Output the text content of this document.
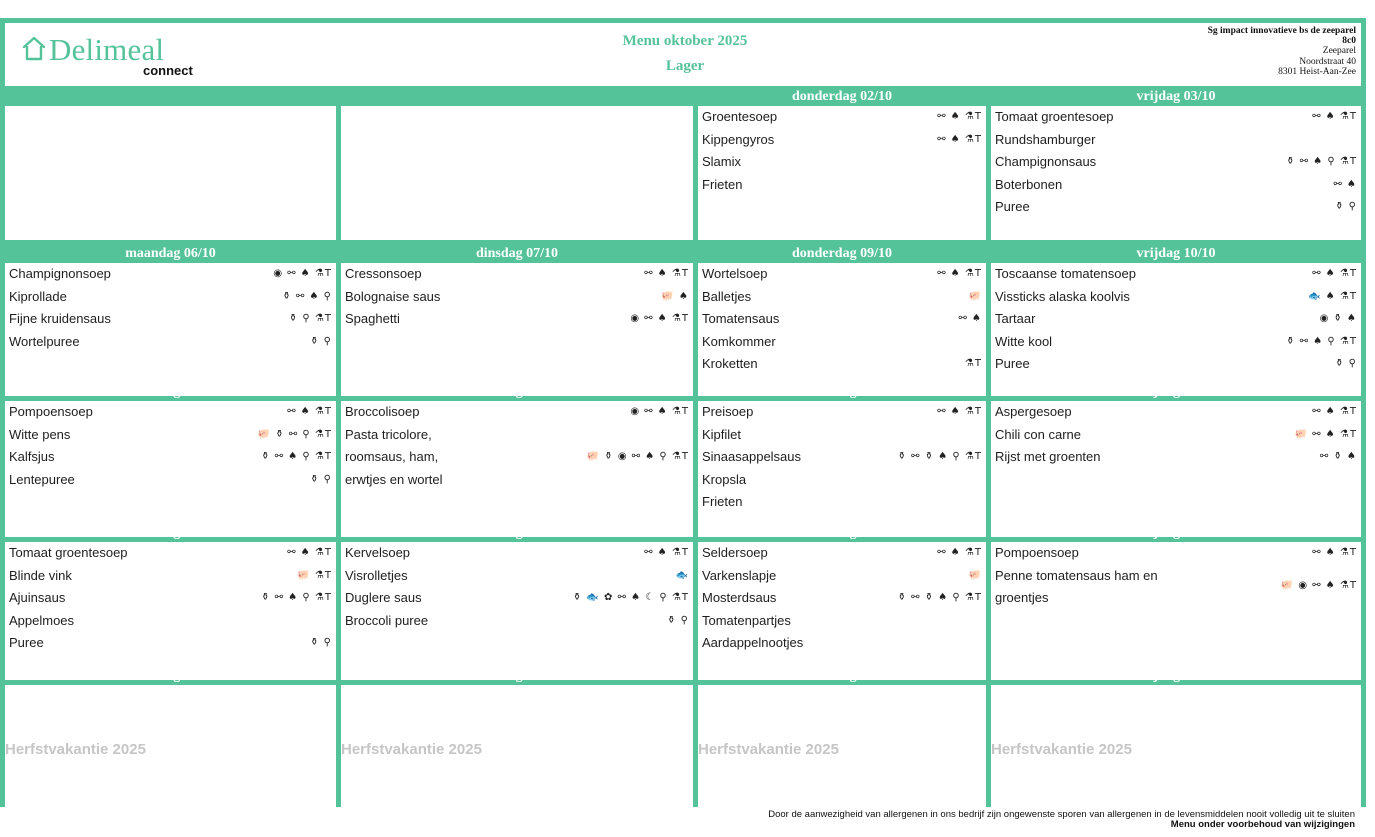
Delimeal
connect
Menu oktober 2025
Lager
Sg impact innovatieve bs de zeeparel
8c0
Zeeparel
Noordstraat 40
8301 Heist-Aan-Zee
donderdag 02/10
Groentesoep	⚯ ♠ ⚗T
Kippengyros	⚯ ♠ ⚗T
Slamix
Frieten
vrijdag 03/10
Tomaat groentesoep	⚯ ♠ ⚗T
Rundshamburger
Champignonsaus	⚱ ⚯ ♠ ⚲ ⚗T
Boterbonen	⚯ ♠
Puree	⚱ ⚲
maandag 06/10
Champignonsoep	◉ ⚯ ♠ ⚗T
Kiprollade	⚱ ⚯ ♠ ⚲
Fijne kruidensaus	⚱ ⚲ ⚗T
Wortelpuree	⚱ ⚲
dinsdag 07/10
Cressonsoep	⚯ ♠ ⚗T
Bolognaise saus	🐖 ♠
Spaghetti	◉ ⚯ ♠ ⚗T
donderdag 09/10
Wortelsoep	⚯ ♠ ⚗T
Balletjes	🐖
Tomatensaus	⚯ ♠
Komkommer
Kroketten	⚗T
vrijdag 10/10
Toscaanse tomatensoep	⚯ ♠ ⚗T
Vissticks alaska koolvis	🐟 ♠ ⚗T
Tartaar	◉ ⚱ ♠
Witte kool	⚱ ⚯ ♠ ⚲ ⚗T
Puree	⚱ ⚲
maandag 13/10
Pompoensoep	⚯ ♠ ⚗T
Witte pens	🐖 ⚱ ⚯ ⚲ ⚗T
Kalfsjus	⚱ ⚯ ♠ ⚲ ⚗T
Lentepuree	⚱ ⚲
dinsdag 14/10
Broccolisoep	◉ ⚯ ♠ ⚗T
Pasta tricolore,
roomsaus, ham,	🐖 ⚱ ◉ ⚯ ♠ ⚲ ⚗T
erwtjes en wortel
donderdag 16/10
Preisoep	⚯ ♠ ⚗T
Kipfilet
Sinaasappelsaus	⚱ ⚯ ⚱ ♠ ⚲ ⚗T
Kropsla
Frieten
vrijdag 17/10
Aspergesoep	⚯ ♠ ⚗T
Chili con carne	🐖 ⚯ ♠ ⚗T
Rijst met groenten	⚯ ⚱ ♠
maandag 20/10
Tomaat groentesoep	⚯ ♠ ⚗T
Blinde vink	🐖 ⚗T
Ajuinsaus	⚱ ⚯ ♠ ⚲ ⚗T
Appelmoes
Puree	⚱ ⚲
dinsdag 21/10
Kervelsoep	⚯ ♠ ⚗T
Visrolletjes	🐟
Duglere saus	⚱ 🐟 ✿ ⚯ ♠ ☾ ⚲ ⚗T
Broccoli puree	⚱ ⚲
donderdag 23/10
Seldersoep	⚯ ♠ ⚗T
Varkenslapje	🐖
Mosterdsaus	⚱ ⚯ ⚱ ♠ ⚲ ⚗T
Tomatenpartjes
Aardappelnootjes
vrijdag 24/10
Pompoensoep	⚯ ♠ ⚗T
Penne tomatensaus ham en
groentjes
🐖 ◉ ⚯ ♠ ⚗T
maandag 27/10
Herfstvakantie 2025
dinsdag 28/10
Herfstvakantie 2025
donderdag 30/10
Herfstvakantie 2025
vrijdag 31/10
Herfstvakantie 2025
Door de aanwezigheid van allergenen in ons bedrijf zijn ongewenste sporen van allergenen in de levensmiddelen nooit volledig uit te sluiten
Menu onder voorbehoud van wijzigingen
